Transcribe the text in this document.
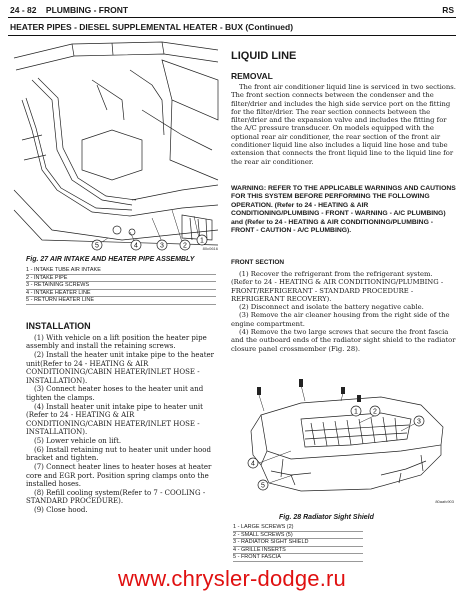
24 - 82 PLUMBING - FRONT	RS
HEATER PIPES - DIESEL SUPPLEMENTAL HEATER - BUX (Continued)
5	4	3	2
1
80c0616
Fig. 27 AIR INTAKE AND HEATER PIPE ASSEMBLY
1 - INTAKE TUBE AIR INTAKE
2 - INTAKE PIPE
3 - RETAINING SCREWS
4 - INTAKE HEATER LINE
5 - RETURN HEATER LINE
INSTALLATION

(1) With vehicle on a lift position the heater pipe assembly and install the retaining screws.

(2) Install the heater unit intake pipe to the heater unit(Refer to 24 - HEATING & AIR CONDITIONING/CABIN HEATER/INLET HOSE - INSTALLATION).

(3) Connect heater hoses to the heater unit and tighten the clamps.

(4) Install heater unit intake pipe to heater unit (Refer to 24 - HEATING & AIR CONDITIONING/CABIN HEATER/INLET HOSE - INSTALLATION).

(5) Lower vehicle on lift.

(6) Install retaining nut to heater unit under hood bracket and tighten.

(7) Connect heater lines to heater hoses at heater core and EGR port. Position spring clamps onto the installed hoses.

(8) Refill cooling system(Refer to 7 - COOLING - STANDARD PROCEDURE).

(9) Close hood.

LIQUID LINE
REMOVAL
The front air conditioner liquid line is serviced in two sections. The front section connects between the condenser and the filter/drier and includes the high side service port on the fitting for the filter/drier. The rear section connects between the filter/drier and the expansion valve and includes the fitting for the A/C pressure transducer. On models equipped with the optional rear air conditioner, the rear section of the front air conditioner liquid line also includes a liquid line hose and tube extension that connects the front liquid line to the liquid line for the rear air conditioner.
WARNING: REFER TO THE APPLICABLE WARNINGS AND CAUTIONS FOR THIS SYSTEM BEFORE PERFORMING THE FOLLOWING OPERATION. (Refer to 24 - HEATING & AIR CONDITIONING/PLUMBING - FRONT - WARNING - A/C PLUMBING) and (Refer to 24 - HEATING & AIR CONDITIONING/PLUMBING - FRONT - CAUTION - A/C PLUMBING).
FRONT SECTION

(1) Recover the refrigerant from the refrigerant system. (Refer to 24 - HEATING & AIR CONDITIONING/PLUMBING - FRONT/REFRIGERANT - STANDARD PROCEDURE - REFRIGERANT RECOVERY).

(2) Disconnect and isolate the battery negative cable.

(3) Remove the air cleaner housing from the right side of the engine compartment.

(4) Remove the two large screws that secure the front fascia and the outboard ends of the radiator sight shield to the radiator closure panel crossmember (Fig. 28).

1 2
3
4
5
80aafc903
Fig. 28 Radiator Sight Shield
1 - LARGE SCREWS (2)
2 - SMALL SCREWS (5)
3 - RADIATOR SIGHT SHIELD
4 - GRILLE INSERTS
5 - FRONT FASCIA
www.chrysler-dodge.ru
